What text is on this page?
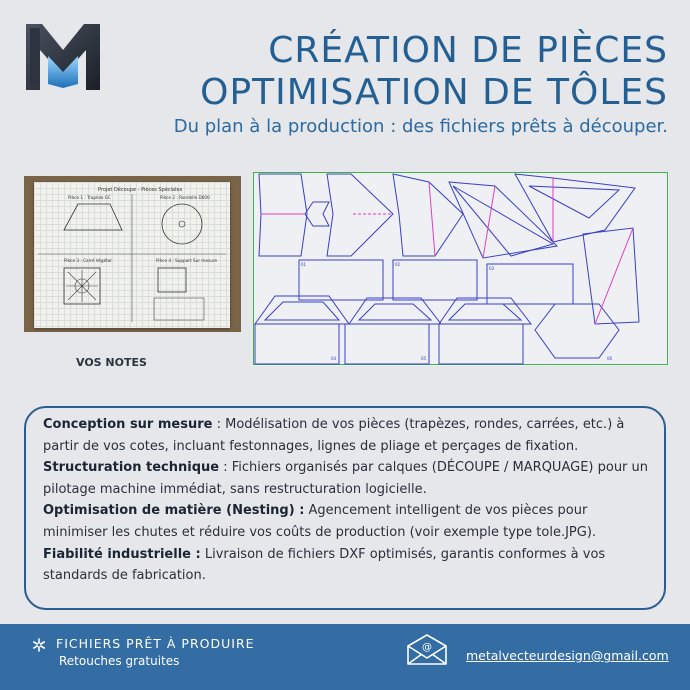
CRÉATION DE PIÈCES
OPTIMISATION DE TÔLES
Du plan à la production : des fichiers prêts à découper.
Projet Découpe - Pièces Spéciales
Pièce 1 : Trapèze GC	Pièce 2 : Rondelle D600
Pièce 3 : Carré Végétal	Pièce 4 : Support Sur mesure
VOS NOTES
01	02
03
04	05	06

Conception sur mesure : Modélisation de vos pièces (trapèzes, rondes, carrées, etc.) à partir de vos cotes, incluant festonnages, lignes de pliage et perçages de fixation.

Structuration technique : Fichiers organisés par calques (DÉCOUPE / MARQUAGE) pour un pilotage machine immédiat, sans restructuration logicielle.

Optimisation de matière (Nesting) : Agencement intelligent de vos pièces pour minimiser les chutes et réduire vos coûts de production (voir exemple type tole.JPG).

Fiabilité industrielle : Livraison de fichiers DXF optimisés, garantis conformes à vos standards de fabrication.

FICHIERS PRÊT À PRODUIRE
Retouches gratuites
@
metalvecteurdesign@gmail.com
